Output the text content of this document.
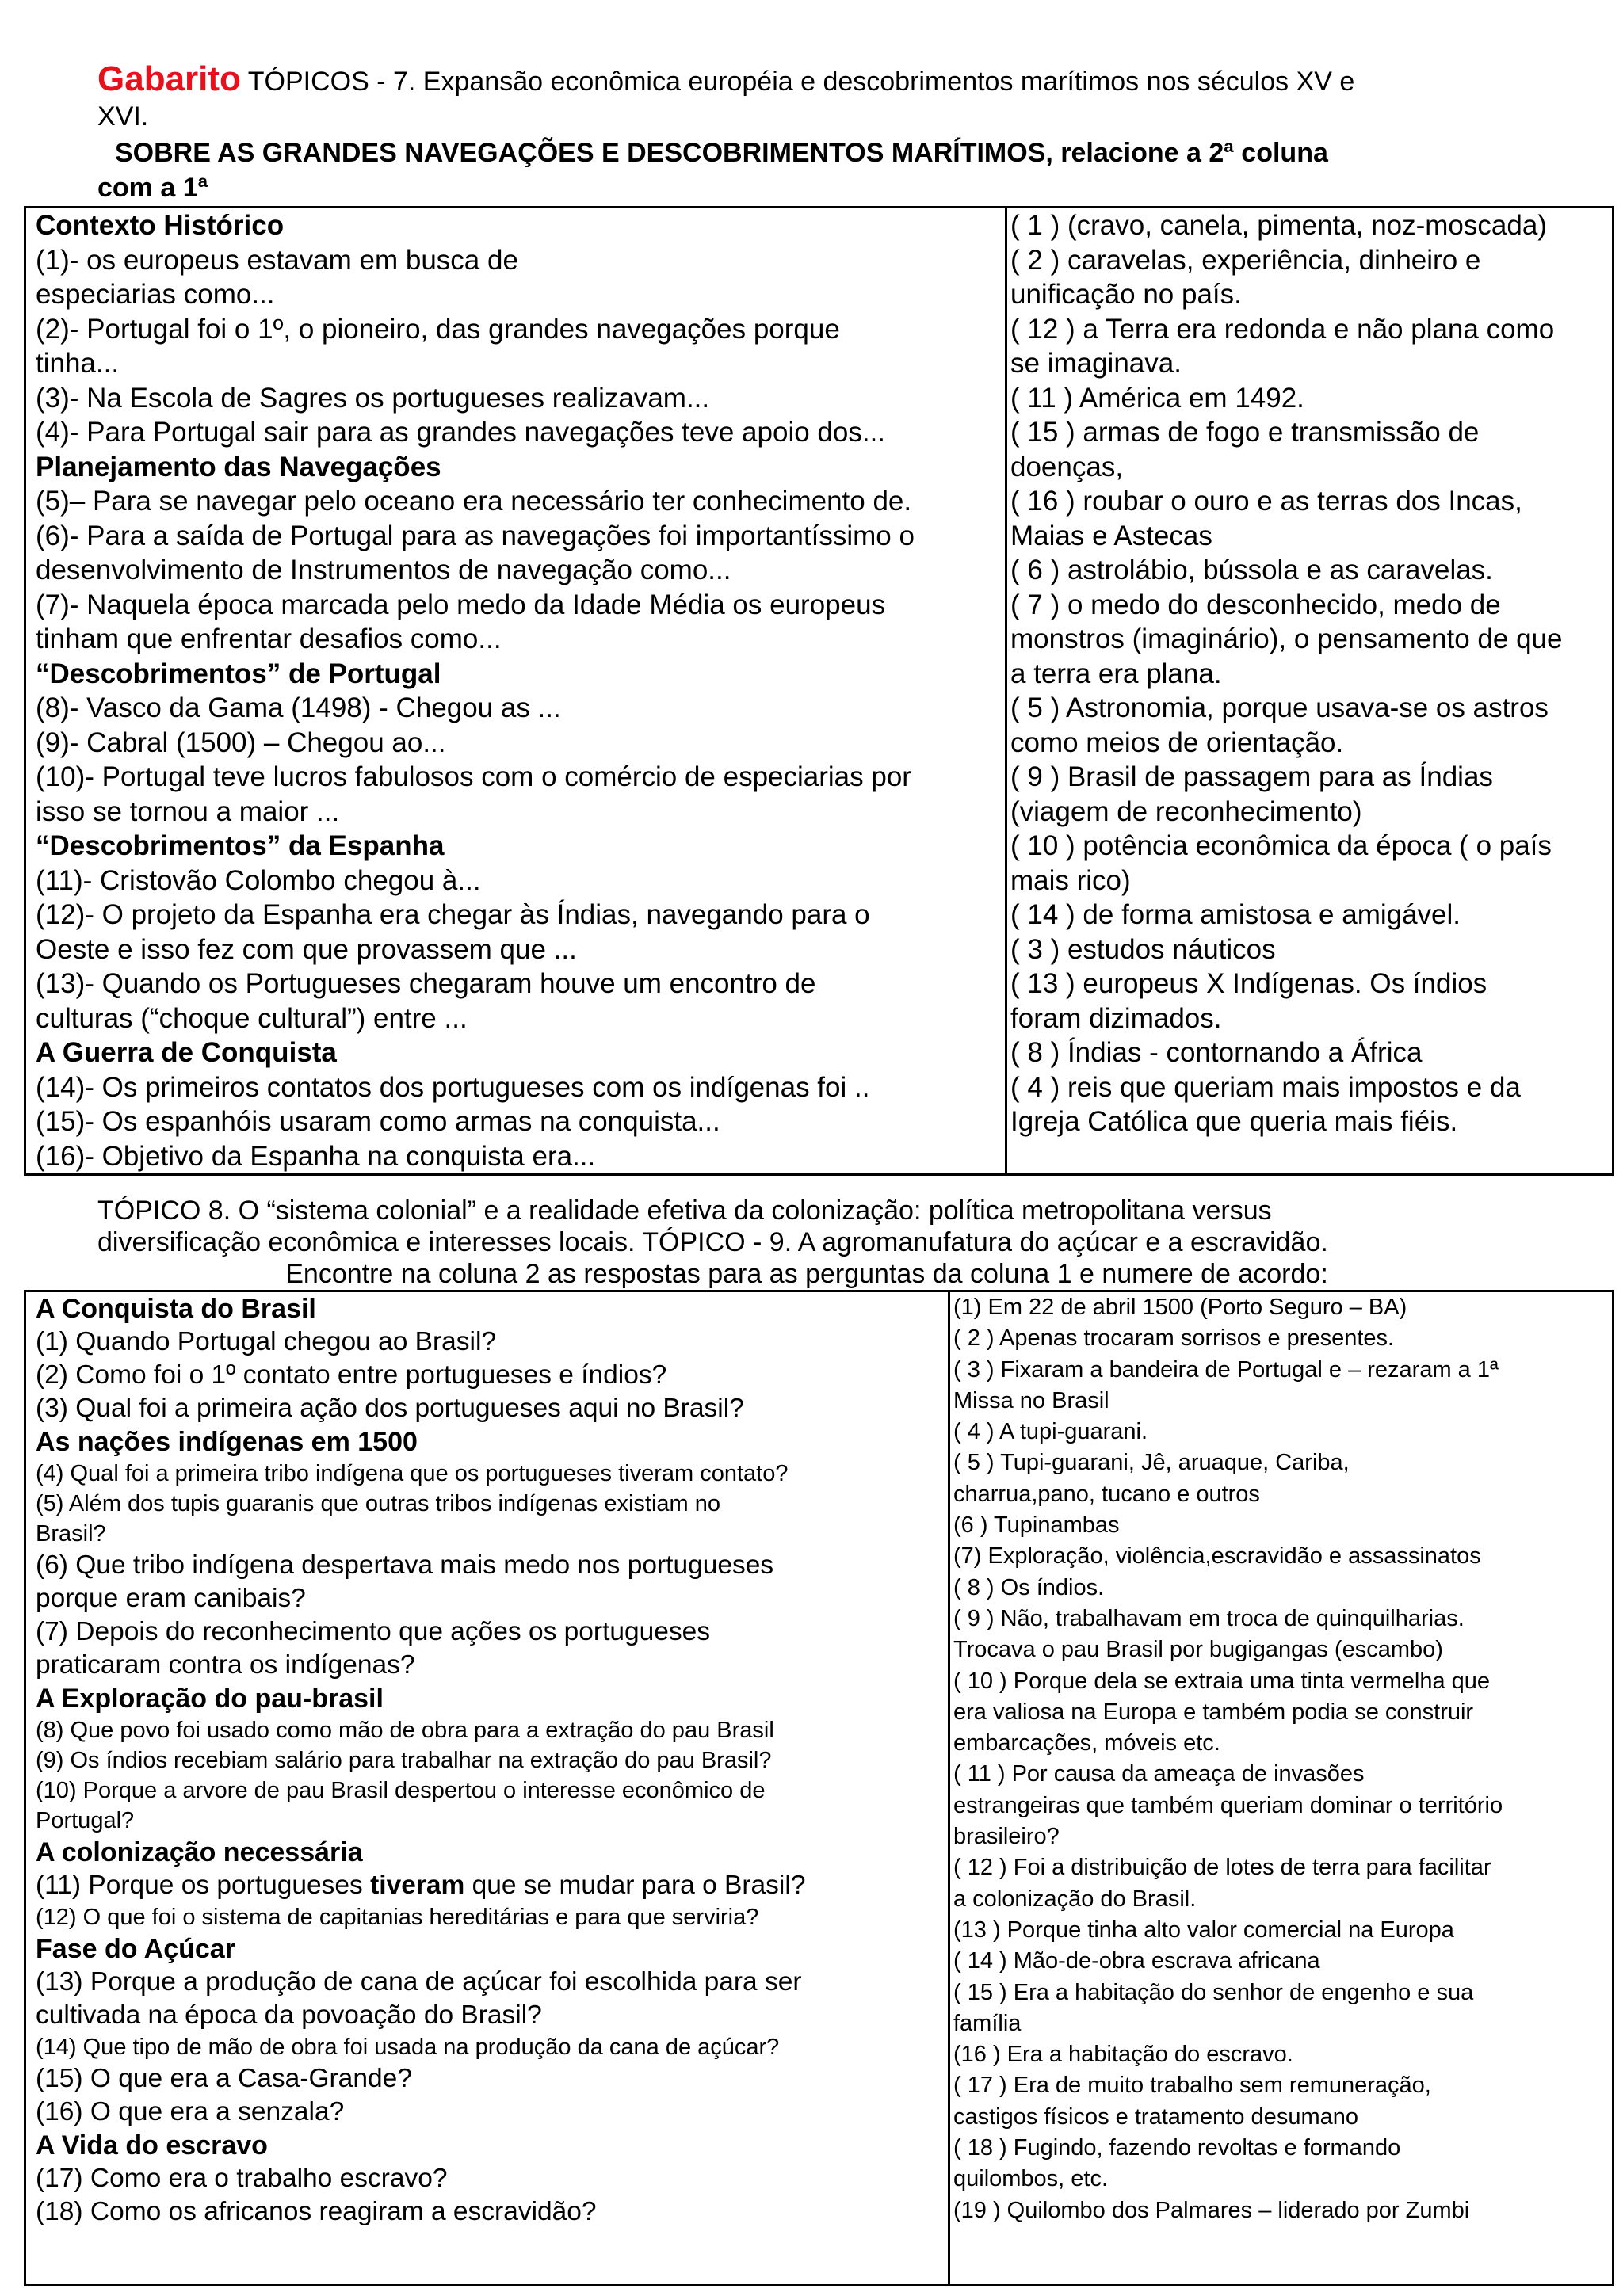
Gabarito TÓPICOS - 7. Expansão econômica européia e descobrimentos marítimos nos séculos XV e
XVI.
SOBRE AS GRANDES NAVEGAÇÕES E DESCOBRIMENTOS MARÍTIMOS, relacione a 2ª coluna
com a 1ª
Contexto Histórico
(1)- os europeus estavam em busca de
especiarias como...
(2)- Portugal foi o 1º, o pioneiro, das grandes navegações porque
tinha...
(3)- Na Escola de Sagres os portugueses realizavam...
(4)- Para Portugal sair para as grandes navegações teve apoio dos...
Planejamento das Navegações
(5)– Para se navegar pelo oceano era necessário ter conhecimento de.
(6)- Para a saída de Portugal para as navegações foi importantíssimo o
desenvolvimento de Instrumentos de navegação como...
(7)- Naquela época marcada pelo medo da Idade Média os europeus
tinham que enfrentar desafios como...
“Descobrimentos” de Portugal
(8)- Vasco da Gama (1498) - Chegou as ...
(9)- Cabral (1500) – Chegou ao...
(10)- Portugal teve lucros fabulosos com o comércio de especiarias por
isso se tornou a maior ...
“Descobrimentos” da Espanha
(11)- Cristovão Colombo chegou à...
(12)- O projeto da Espanha era chegar às Índias, navegando para o
Oeste e isso fez com que provassem que ...
(13)- Quando os Portugueses chegaram houve um encontro de
culturas (“choque cultural”) entre ...
A Guerra de Conquista
(14)- Os primeiros contatos dos portugueses com os indígenas foi ..
(15)- Os espanhóis usaram como armas na conquista...
(16)- Objetivo da Espanha na conquista era...

( 1 ) (cravo, canela, pimenta, noz-moscada)
( 2 ) caravelas, experiência, dinheiro e
unificação no país.
( 12 ) a Terra era redonda e não plana como
se imaginava.
( 11 ) América em 1492.
( 15 ) armas de fogo e transmissão de
doenças,
( 16 ) roubar o ouro e as terras dos Incas,
Maias e Astecas
( 6 ) astrolábio, bússola e as caravelas.
( 7 ) o medo do desconhecido, medo de
monstros (imaginário), o pensamento de que
a terra era plana.
( 5 ) Astronomia, porque usava-se os astros
como meios de orientação.
( 9 ) Brasil de passagem para as Índias
(viagem de reconhecimento)
( 10 ) potência econômica da época ( o país
mais rico)
( 14 ) de forma amistosa e amigável.
( 3 ) estudos náuticos
( 13 ) europeus X Indígenas. Os índios
foram dizimados.
( 8 ) Índias - contornando a África
( 4 ) reis que queriam mais impostos e da
Igreja Católica que queria mais fiéis.
TÓPICO 8. O “sistema colonial” e a realidade efetiva da colonização: política metropolitana versus
diversificação econômica e interesses locais. TÓPICO - 9. A agromanufatura do açúcar e a escravidão.

Encontre na coluna 2 as respostas para as perguntas da coluna 1 e numere de acordo:
A Conquista do Brasil
(1) Quando Portugal chegou ao Brasil?
(2) Como foi o 1º contato entre portugueses e índios?
(3) Qual foi a primeira ação dos portugueses aqui no Brasil?
As nações indígenas em 1500
(4) Qual foi a primeira tribo indígena que os portugueses tiveram contato?
(5) Além dos tupis guaranis que outras tribos indígenas existiam no
Brasil?
(6) Que tribo indígena despertava mais medo nos portugueses
porque eram canibais?
(7) Depois do reconhecimento que ações os portugueses
praticaram contra os indígenas?
A Exploração do pau-brasil
(8) Que povo foi usado como mão de obra para a extração do pau Brasil
(9) Os índios recebiam salário para trabalhar na extração do pau Brasil?
(10) Porque a arvore de pau Brasil despertou o interesse econômico de
Portugal?
A colonização necessária
(11) Porque os portugueses tiveram que se mudar para o Brasil?
(12) O que foi o sistema de capitanias hereditárias e para que serviria?
Fase do Açúcar
(13) Porque a produção de cana de açúcar foi escolhida para ser
cultivada na época da povoação do Brasil?
(14) Que tipo de mão de obra foi usada na produção da cana de açúcar?
(15) O que era a Casa-Grande?
(16) O que era a senzala?
A Vida do escravo
(17) Como era o trabalho escravo?
(18) Como os africanos reagiram a escravidão?

(1) Em 22 de abril 1500 (Porto Seguro – BA)
( 2 ) Apenas trocaram sorrisos e presentes.
( 3 ) Fixaram a bandeira de Portugal e – rezaram a 1ª
Missa no Brasil
( 4 ) A tupi-guarani.
( 5 ) Tupi-guarani, Jê, aruaque, Cariba,
charrua,pano, tucano e outros
(6 ) Tupinambas
(7) Exploração, violência,escravidão e assassinatos
( 8 ) Os índios.
( 9 ) Não, trabalhavam em troca de quinquilharias.
Trocava o pau Brasil por bugigangas (escambo)
( 10 ) Porque dela se extraia uma tinta vermelha que
era valiosa na Europa e também podia se construir
embarcações, móveis etc.
( 11 ) Por causa da ameaça de invasões
estrangeiras que também queriam dominar o território
brasileiro?
( 12 ) Foi a distribuição de lotes de terra para facilitar
a colonização do Brasil.
(13 ) Porque tinha alto valor comercial na Europa
( 14 ) Mão-de-obra escrava africana
( 15 ) Era a habitação do senhor de engenho e sua
família
(16 ) Era a habitação do escravo.
( 17 ) Era de muito trabalho sem remuneração,
castigos físicos e tratamento desumano
( 18 ) Fugindo, fazendo revoltas e formando
quilombos, etc.
(19 ) Quilombo dos Palmares – liderado por Zumbi
